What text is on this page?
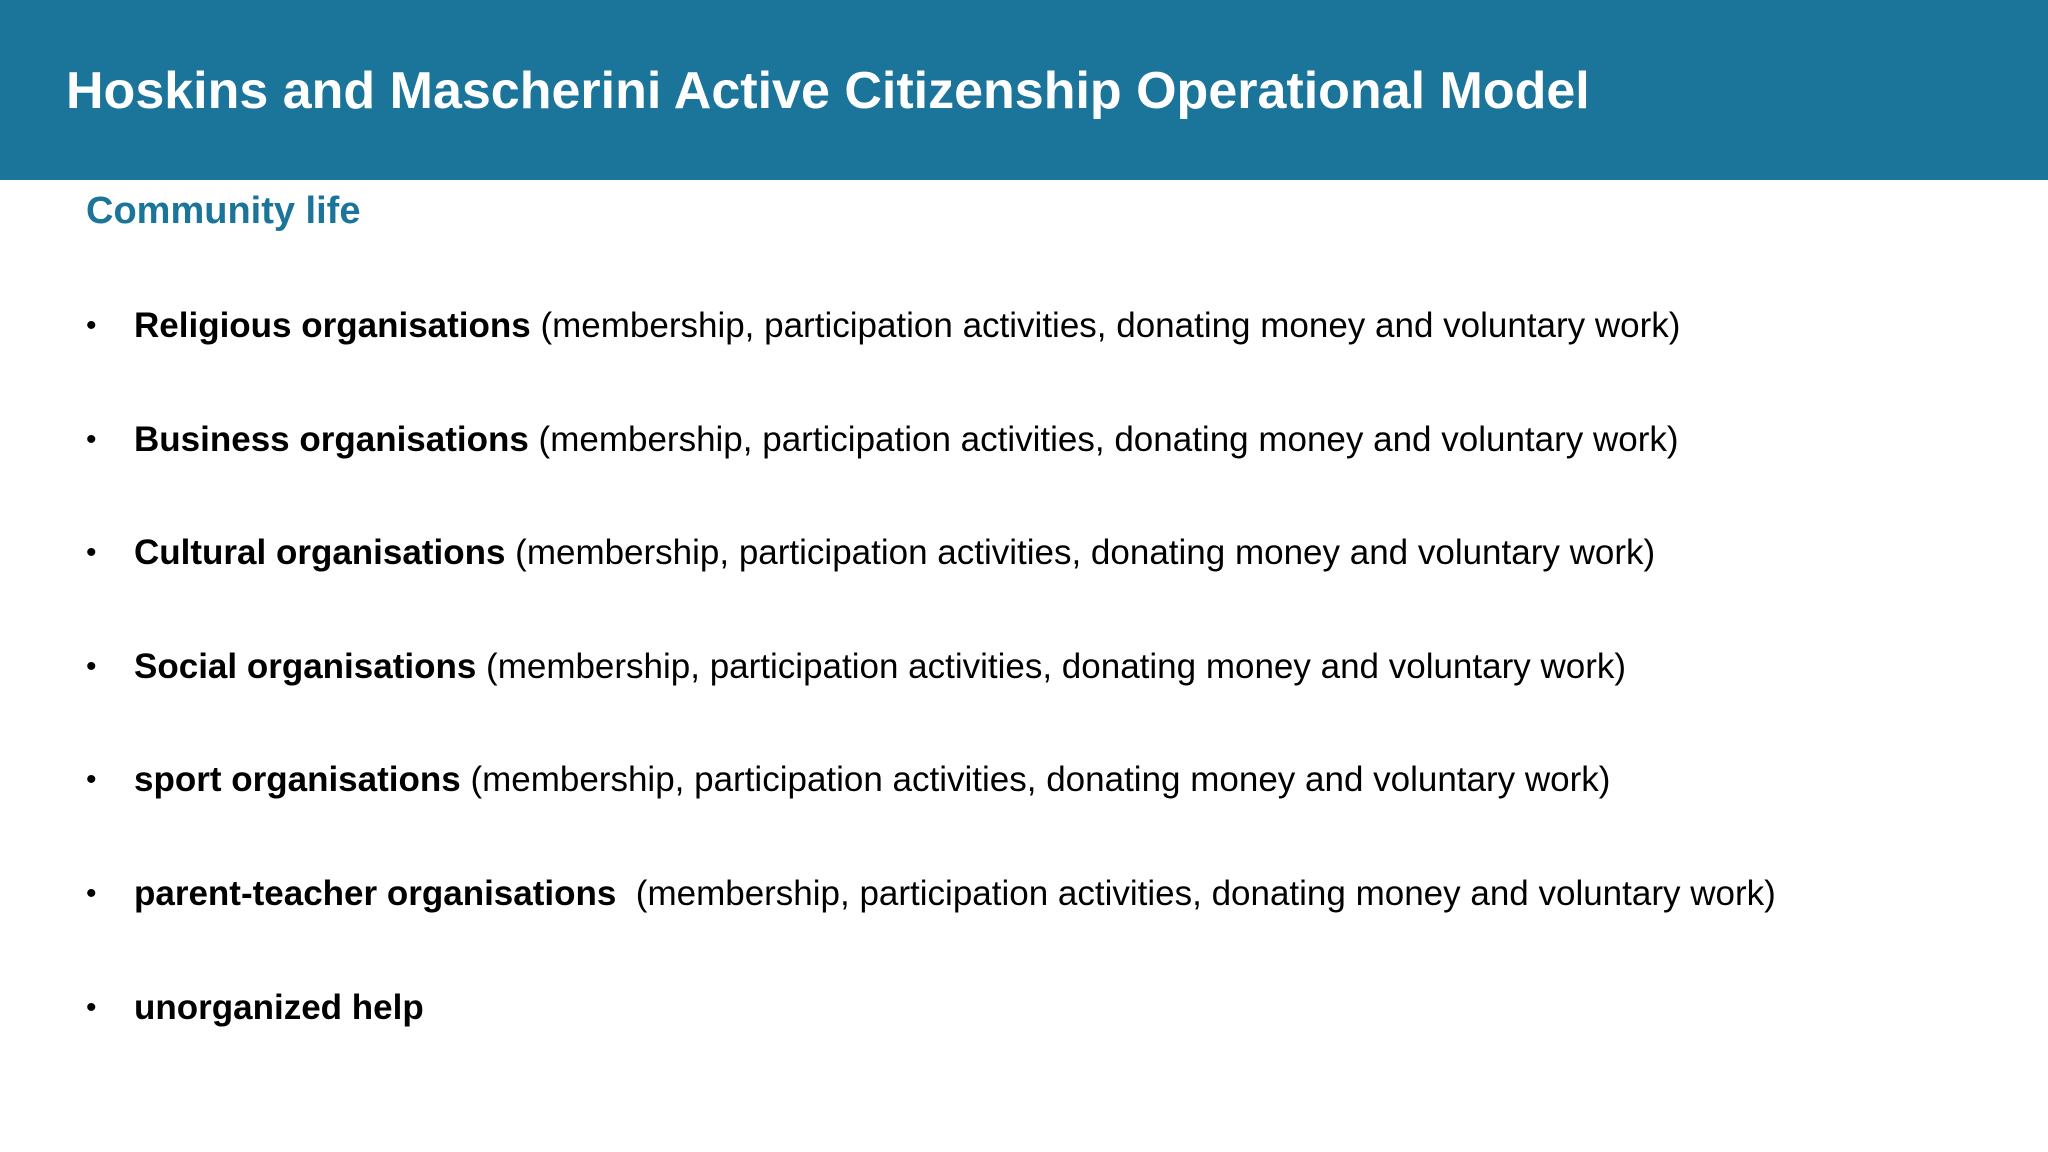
Hoskins and Mascherini Active Citizenship Operational Model
Community life
• Religious organisations (membership, participation activities, donating money and voluntary work)
• Business organisations (membership, participation activities, donating money and voluntary work)
• Cultural organisations (membership, participation activities, donating money and voluntary work)
• Social organisations (membership, participation activities, donating money and voluntary work)
• sport organisations (membership, participation activities, donating money and voluntary work)
• parent-teacher organisations  (membership, participation activities, donating money and voluntary work)
• unorganized help
